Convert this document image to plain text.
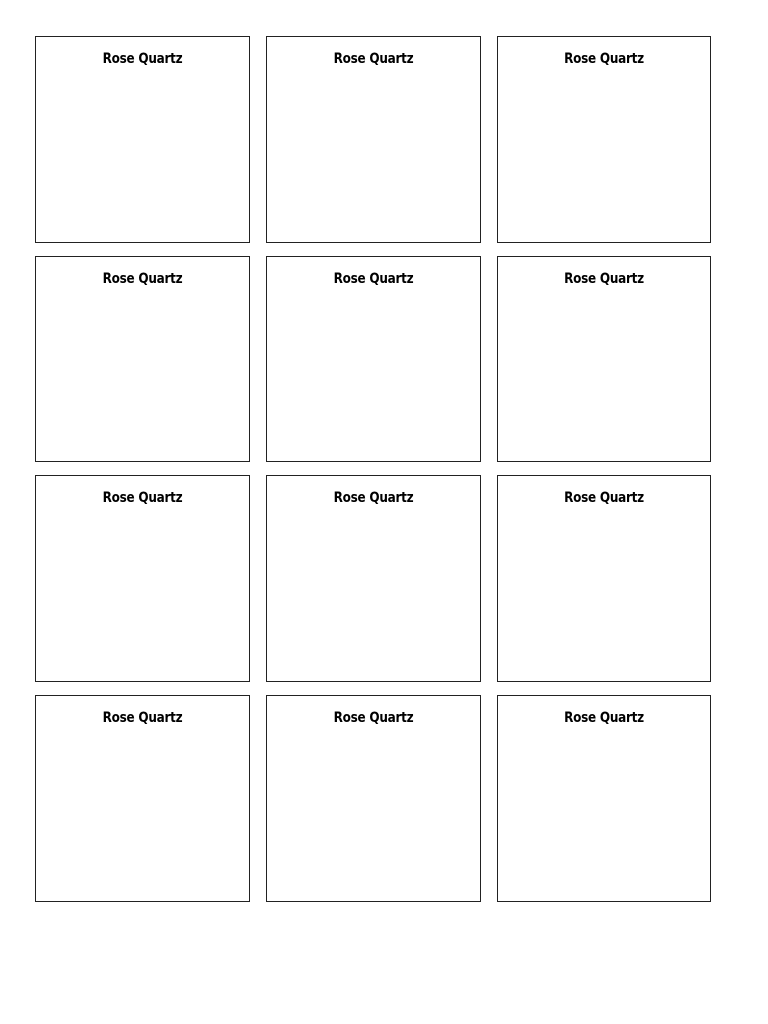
Rose Quartz	Rose Quartz	Rose Quartz
Rose Quartz	Rose Quartz	Rose Quartz
Rose Quartz	Rose Quartz	Rose Quartz
Rose Quartz	Rose Quartz	Rose Quartz
